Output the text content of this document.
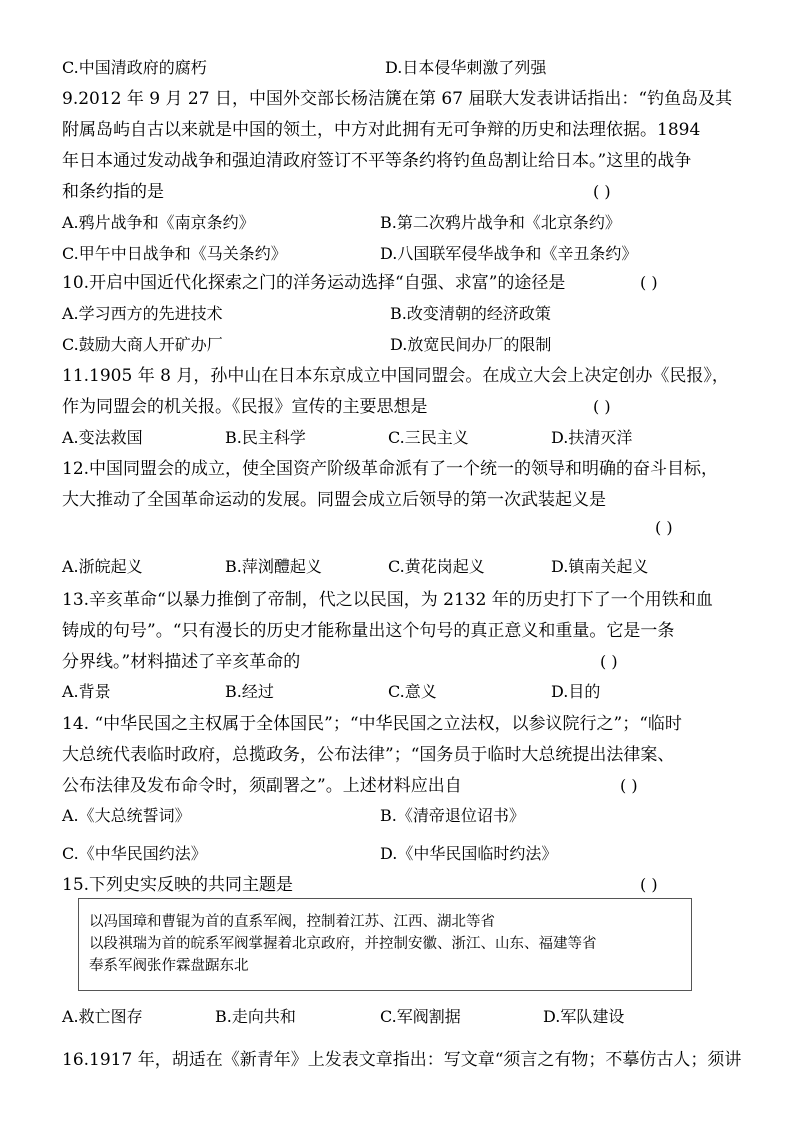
C.中国清政府的腐朽	D.日本侵华刺激了列强
9.2012 年 9 月 27 日，中国外交部长杨洁篪在第 67 届联大发表讲话指出：“钓鱼岛及其
附属岛屿自古以来就是中国的领土，中方对此拥有无可争辩的历史和法理依据。1894
年日本通过发动战争和强迫清政府签订不平等条约将钓鱼岛割让给日本。”这里的战争
和条约指的是	( )
A.鸦片战争和《南京条约》	B.第二次鸦片战争和《北京条约》
C.甲午中日战争和《马关条约》	D.八国联军侵华战争和《辛丑条约》
10.开启中国近代化探索之门的洋务运动选择“自强、求富”的途径是	( )
A.学习西方的先进技术	B.改变清朝的经济政策
C.鼓励大商人开矿办厂	D.放宽民间办厂的限制
11.1905 年 8 月，孙中山在日本东京成立中国同盟会。在成立大会上决定创办《民报》，
作为同盟会的机关报。《民报》宣传的主要思想是	( )
A.变法救国	B.民主科学	C.三民主义	D.扶清灭洋
12.中国同盟会的成立，使全国资产阶级革命派有了一个统一的领导和明确的奋斗目标，
大大推动了全国革命运动的发展。同盟会成立后领导的第一次武装起义是
( )
A.浙皖起义	B.萍浏醴起义	C.黄花岗起义	D.镇南关起义
13.辛亥革命“以暴力推倒了帝制，代之以民国，为 2132 年的历史打下了一个用铁和血
铸成的句号”。“只有漫长的历史才能称量出这个句号的真正意义和重量。它是一条
分界线。”材料描述了辛亥革命的	( )
A.背景	B.经过	C.意义	D.目的
14. “中华民国之主权属于全体国民”；“中华民国之立法权，以参议院行之”；“临时
大总统代表临时政府，总揽政务，公布法律”；“国务员于临时大总统提出法律案、
公布法律及发布命令时，须副署之”。上述材料应出自	( )
A.《大总统誓词》	B.《清帝退位诏书》
C.《中华民国约法》	D.《中华民国临时约法》
15.下列史实反映的共同主题是	( )
以冯国璋和曹锟为首的直系军阀，控制着江苏、江西、湖北等省
以段祺瑞为首的皖系军阀掌握着北京政府，并控制安徽、浙江、山东、福建等省
奉系军阀张作霖盘踞东北
A.救亡图存	B.走向共和	C.军阀割据	D.军队建设
16.1917 年，胡适在《新青年》上发表文章指出：写文章“须言之有物；不摹仿古人；须讲
